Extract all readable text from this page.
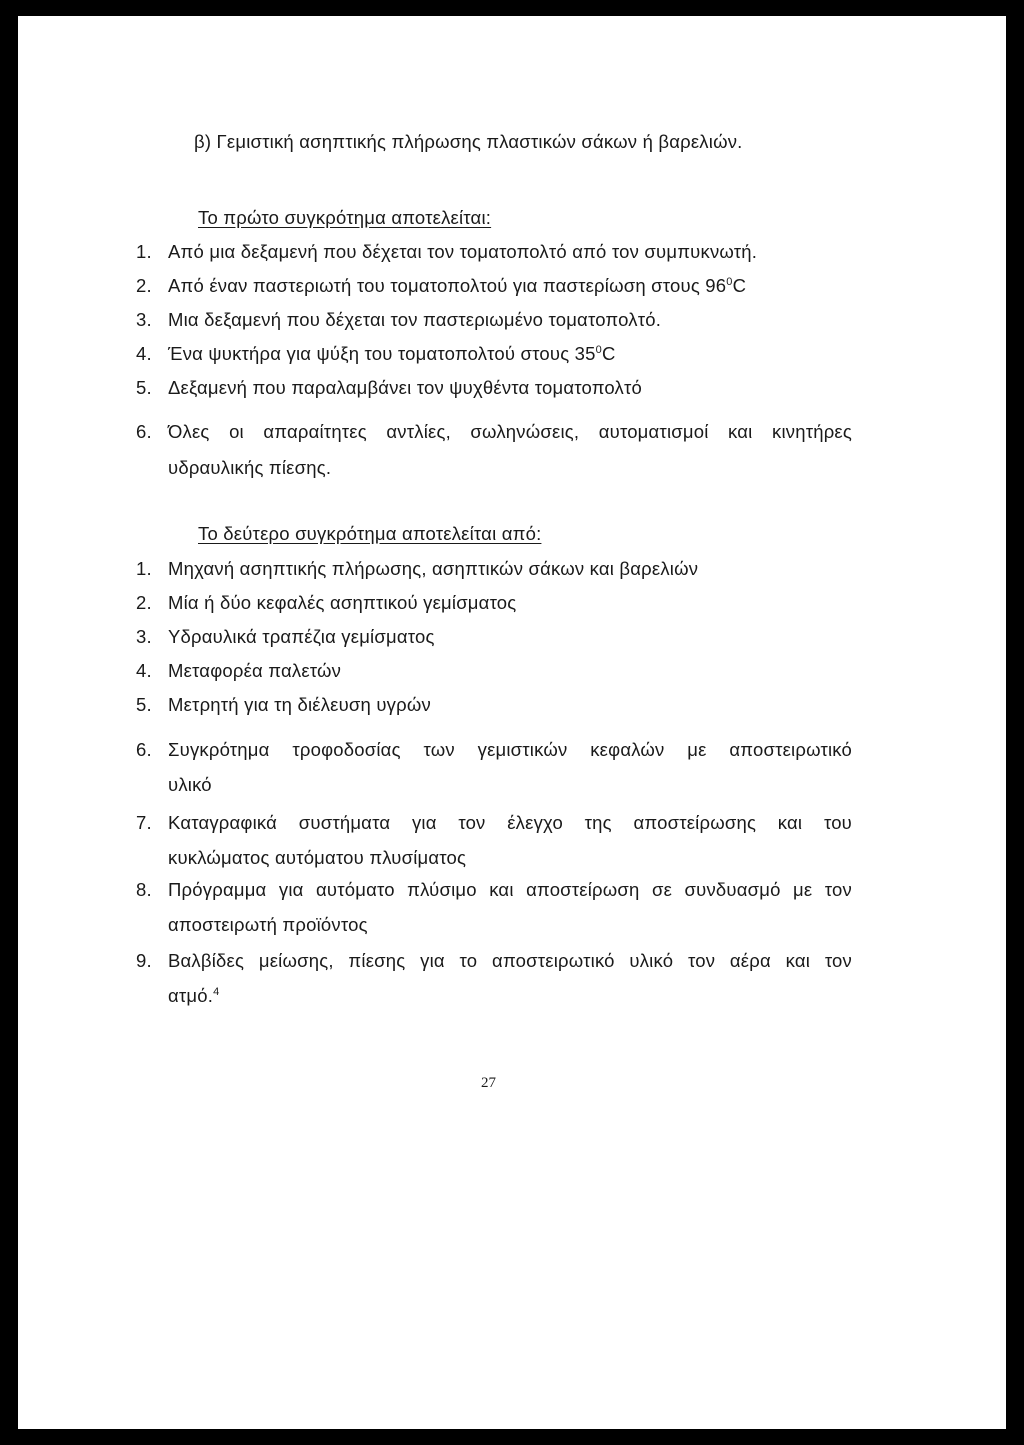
β) Γεμιστική ασηπτικής πλήρωσης πλαστικών σάκων ή βαρελιών.
Το πρώτο συγκρότημα αποτελείται:
1. Από μια δεξαμενή που δέχεται τον τοματοπολτό από τον συμπυκνωτή.
2. Από έναν παστεριωτή του τοματοπολτού για παστερίωση στους $96^0C$
3. Μια δεξαμενή που δέχεται τον παστεριωμένο τοματοπολτό.
4. Ένα ψυκτήρα για ψύξη του τοματοπολτού στους $35^0C$
5. Δεξαμενή που παραλαμβάνει τον ψυχθέντα τοματοπολτό
6. Όλες οι απαραίτητες αντλίες, σωληνώσεις, αυτοματισμοί και κινητήρες
υδραυλικής πίεσης.
Το δεύτερο συγκρότημα αποτελείται από:
1. Μηχανή ασηπτικής πλήρωσης, ασηπτικών σάκων και βαρελιών
2. Μία ή δύο κεφαλές ασηπτικού γεμίσματος
3. Υδραυλικά τραπέζια γεμίσματος
4. Μεταφορέα παλετών
5. Μετρητή για τη διέλευση υγρών
6. Συγκρότημα τροφοδοσίας των γεμιστικών κεφαλών με αποστειρωτικό
υλικό
7. Καταγραφικά συστήματα για τον έλεγχο της αποστείρωσης και του
κυκλώματος αυτόματου πλυσίματος
8. Πρόγραμμα για αυτόματο πλύσιμο και αποστείρωση σε συνδυασμό με τον
αποστειρωτή προϊόντος
9. Βαλβίδες μείωσης, πίεσης για το αποστειρωτικό υλικό τον αέρα και τον
ατμό.$^4$
27
